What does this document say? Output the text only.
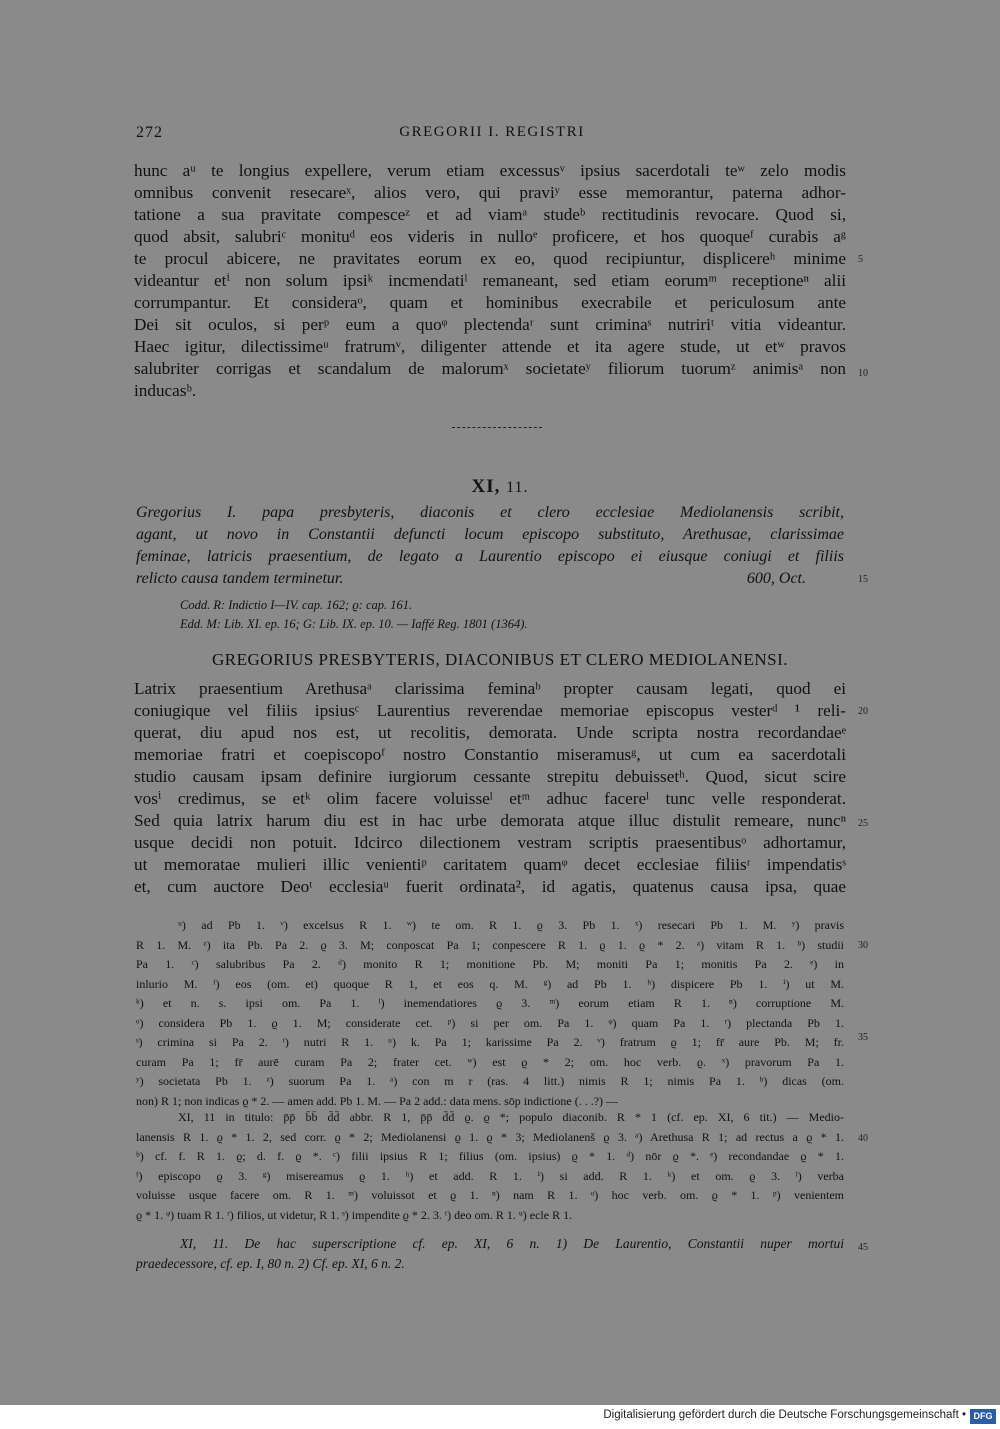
272	GREGORII I. REGISTRI
hunc aᵘ te longius expellere, verum etiam excessusᵛ ipsius sacerdotali teʷ zelo modis
omnibus convenit resecareˣ, alios vero, qui praviʸ esse memorantur, paterna adhor-
tatione a sua pravitate compesceᶻ et ad viamᵃ studeᵇ rectitudinis revocare. Quod si,
quod absit, salubriᶜ monituᵈ eos videris in nulloᵉ proficere, et hos quoqueᶠ curabis aᵍ
te procul abicere, ne pravitates eorum ex eo, quod recipiuntur, displicereʰ minime
videantur etⁱ non solum ipsiᵏ incmendatiˡ remaneant, sed etiam eorumᵐ receptioneⁿ alii
corrumpantur. Et consideraᵒ, quam et hominibus execrabile et periculosum ante
Dei sit oculos, si perᵖ eum a quoᵠ plectendaʳ sunt criminaˢ nutririᵗ vitia videantur.
Haec igitur, dilectissimeᵘ fratrumᵛ, diligenter attende et ita agere stude, ut etʷ pravos
salubriter corrigas et scandalum de malorumˣ societateʸ filiorum tuorumᶻ animisᵃ non
inducasᵇ.
5
10
XI, 11.
Gregorius I. papa presbyteris, diaconis et clero ecclesiae Mediolanensis scribit,
agant, ut novo in Constantii defuncti locum episcopo substituto, Arethusae, clarissimae
feminae, latricis praesentium, de legato a Laurentio episcopo ei eiusque coniugi et filiis
relicto causa tandem terminetur.	600, Oct.	15
Codd. R: Indictio I—IV. cap. 162; ϱ: cap. 161.
Edd. M: Lib. XI. ep. 16; G: Lib. IX. ep. 10. — Iaffé Reg. 1801 (1364).
GREGORIUS PRESBYTERIS, DIACONIBUS ET CLERO MEDIOLANENSI.
Latrix praesentium Arethusaᵃ clarissima feminaᵇ propter causam legati, quod ei
coniugique vel filiis ipsiusᶜ Laurentius reverendae memoriae episcopus vesterᵈ ¹ reli-
querat, diu apud nos est, ut recolitis, demorata. Unde scripta nostra recordandaeᵉ
memoriae fratri et coepiscopoᶠ nostro Constantio miseramusᵍ, ut cum ea sacerdotali
studio causam ipsam definire iurgiorum cessante strepitu debuissetʰ. Quod, sicut scire
vosⁱ credimus, se etᵏ olim facere voluisseˡ etᵐ adhuc facereˡ tunc velle responderat.
Sed quia latrix harum diu est in hac urbe demorata atque illuc distulit remeare, nuncⁿ
usque decidi non potuit. Idcirco dilectionem vestram scriptis praesentibusᵒ adhortamur,
ut memoratae mulieri illic venientiᵖ caritatem quamᵠ decet ecclesiae filiisʳ impendatisˢ
et, cum auctore Deoᵗ ecclesiaᵘ fuerit ordinata², id agatis, quatenus causa ipsa, quae
20
25
ᵘ) ad Pb 1. ᵛ) excelsus R 1. ʷ) te om. R 1. ϱ 3. Pb 1. ˣ) resecari Pb 1. M. ʸ) pravis
R 1. M. ᶻ) ita Pb. Pa 2. ϱ 3. M; conposcat Pa 1; conpescere R 1. ϱ 1. ϱ * 2. ᵃ) vitam R 1. ᵇ) studii
Pa 1. ᶜ) salubribus Pa 2. ᵈ) monito R 1; monitione Pb. M; moniti Pa 1; monitis Pa 2. ᵉ) in
inlurio M. ᶠ) eos (om. et) quoque R 1, et eos q. M. ᵍ) ad Pb 1. ʰ) dispicere Pb 1. ⁱ) ut M.
ᵏ) et n. s. ipsi om. Pa 1. ˡ) inemendatiores ϱ 3. ᵐ) eorum etiam R 1. ⁿ) corruptione M.
ᵒ) considera Pb 1. ϱ 1. M; considerate cet. ᵖ) si per om. Pa 1. ᵠ) quam Pa 1. ʳ) plectanda Pb 1.
ˢ) crimina si Pa 2. ᵗ) nutri R 1. ᵘ) k. Pa 1; karissime Pa 2. ᵛ) fratrum ϱ 1; fr̄ aure Pb. M; fr.
curam Pa 1; fr̄ aurē curam Pa 2; frater cet. ʷ) est ϱ * 2; om. hoc verb. ϱ. ˣ) pravorum Pa 1.
ʸ) societata Pb 1. ᶻ) suorum Pa 1. ᵃ) con m r (ras. 4 litt.) nimis R 1; nimis Pa 1. ᵇ) dicas (om.
non) R 1; non indicas ϱ * 2. — amen add. Pb 1. M. — Pa 2 add.: data mens. sōp indictione (. . .?) —
30
35
XI, 11 in titulo: p̄p̄ b̄b̄ d̄d̄ abbr. R 1, p̄p̄ d̄d̄ ϱ. ϱ *; populo diaconib. R * 1 (cf. ep. XI, 6 tit.) — Medio-
lanensis R 1. ϱ * 1. 2, sed corr. ϱ * 2; Mediolanensi ϱ 1. ϱ * 3; Mediolanenš ϱ 3. ᵃ) Arethusa R 1; ad rectus a ϱ * 1.
ᵇ) cf. f. R 1. ϱ; d. f. ϱ *. ᶜ) filii ipsius R 1; filius (om. ipsius) ϱ * 1. ᵈ) nōr ϱ *. ᵉ) recondandae ϱ * 1.
ᶠ) episcopo ϱ 3. ᵍ) misereamus ϱ 1. ʰ) et add. R 1. ⁱ) si add. R 1. ᵏ) et om. ϱ 3. ˡ) verba
voluisse usque facere om. R 1. ᵐ) voluissot et ϱ 1. ⁿ) nam R 1. ᵒ) hoc verb. om. ϱ * 1. ᵖ) venientem
ϱ * 1. ᵠ) tuam R 1. ʳ) filios, ut videtur, R 1. ˢ) impendite ϱ * 2. 3. ᵗ) deo om. R 1. ᵘ) ecle R 1.
40
XI, 11. De hac superscriptione cf. ep. XI, 6 n. 1) De Laurentio, Constantii nuper mortui
praedecessore, cf. ep. I, 80 n. 2) Cf. ep. XI, 6 n. 2.
45
Digitalisierung gefördert durch die Deutsche Forschungsgemeinschaft • DFG
